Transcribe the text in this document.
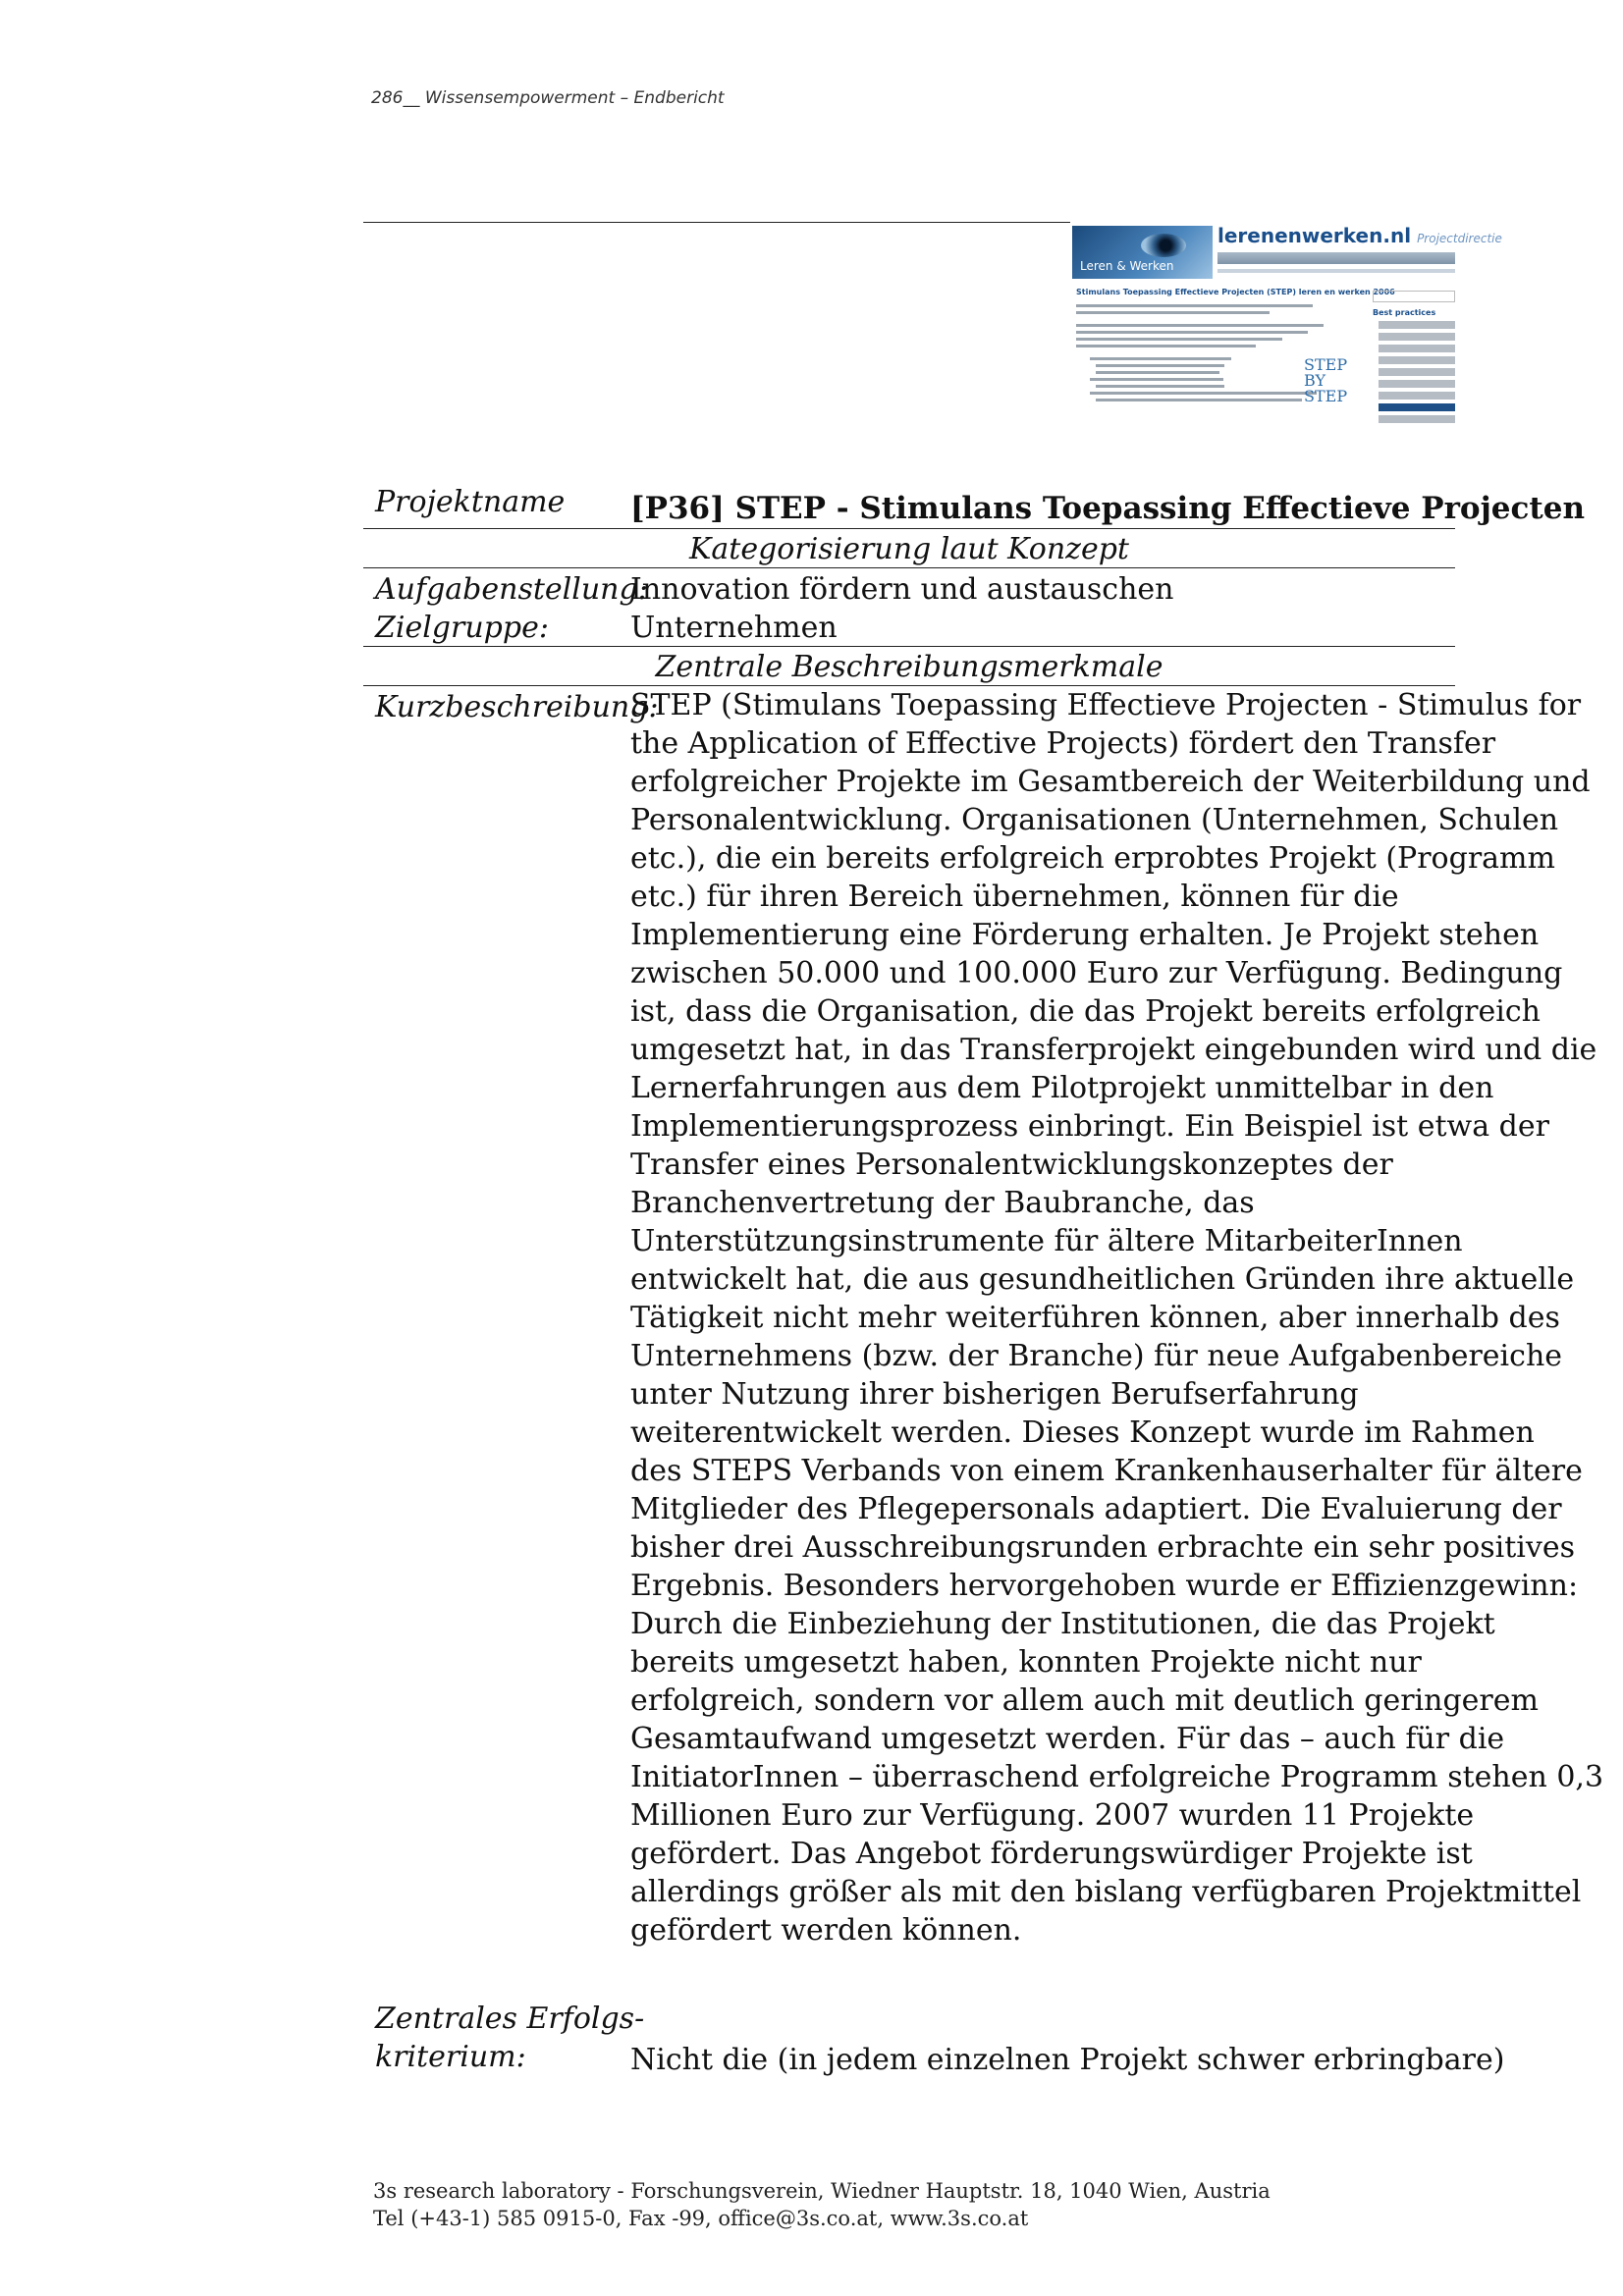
286__ Wissensempowerment – Endbericht
Leren & Werken
lerenenwerken.nl Projectdirectie
Stimulans Toepassing Effectieve Projecten (STEP) leren en werken 2006
STEP
BY
STEP
Best practices
Projektname [P36] STEP - Stimulans Toepassing Effectieve Projecten
Kategorisierung laut Konzept
Aufgabenstellung:
Innovation fördern und austauschen
Zielgruppe:	Unternehmen
Zentrale Beschreibungsmerkmale
Kurzbeschreibung:
STEP (Stimulans Toepassing Effectieve Projecten - Stimulus for
the Application of Effective Projects) fördert den Transfer
erfolgreicher Projekte im Gesamtbereich der Weiterbildung und
Personalentwicklung. Organisationen (Unternehmen, Schulen
etc.), die ein bereits erfolgreich erprobtes Projekt (Programm
etc.) für ihren Bereich übernehmen, können für die
Implementierung eine Förderung erhalten. Je Projekt stehen
zwischen 50.000 und 100.000 Euro zur Verfügung. Bedingung
ist, dass die Organisation, die das Projekt bereits erfolgreich
umgesetzt hat, in das Transferprojekt eingebunden wird und die
Lernerfahrungen aus dem Pilotprojekt unmittelbar in den
Implementierungsprozess einbringt. Ein Beispiel ist etwa der
Transfer eines Personalentwicklungskonzeptes der
Branchenvertretung der Baubranche, das
Unterstützungsinstrumente für ältere MitarbeiterInnen
entwickelt hat, die aus gesundheitlichen Gründen ihre aktuelle
Tätigkeit nicht mehr weiterführen können, aber innerhalb des
Unternehmens (bzw. der Branche) für neue Aufgabenbereiche
unter Nutzung ihrer bisherigen Berufserfahrung
weiterentwickelt werden. Dieses Konzept wurde im Rahmen
des STEPS Verbands von einem Krankenhauserhalter für ältere
Mitglieder des Pflegepersonals adaptiert. Die Evaluierung der
bisher drei Ausschreibungsrunden erbrachte ein sehr positives
Ergebnis. Besonders hervorgehoben wurde er Effizienzgewinn:
Durch die Einbeziehung der Institutionen, die das Projekt
bereits umgesetzt haben, konnten Projekte nicht nur
erfolgreich, sondern vor allem auch mit deutlich geringerem
Gesamtaufwand umgesetzt werden. Für das – auch für die
InitiatorInnen – überraschend erfolgreiche Programm stehen 0,3
Millionen Euro zur Verfügung. 2007 wurden 11 Projekte
gefördert. Das Angebot förderungswürdiger Projekte ist
allerdings größer als mit den bislang verfügbaren Projektmittel
gefördert werden können.
Zentrales Erfolgs-
kriterium:	Nicht die (in jedem einzelnen Projekt schwer erbringbare)
3s research laboratory - Forschungsverein, Wiedner Hauptstr. 18, 1040 Wien, Austria
Tel (+43-1) 585 0915-0, Fax -99, office@3s.co.at, www.3s.co.at
